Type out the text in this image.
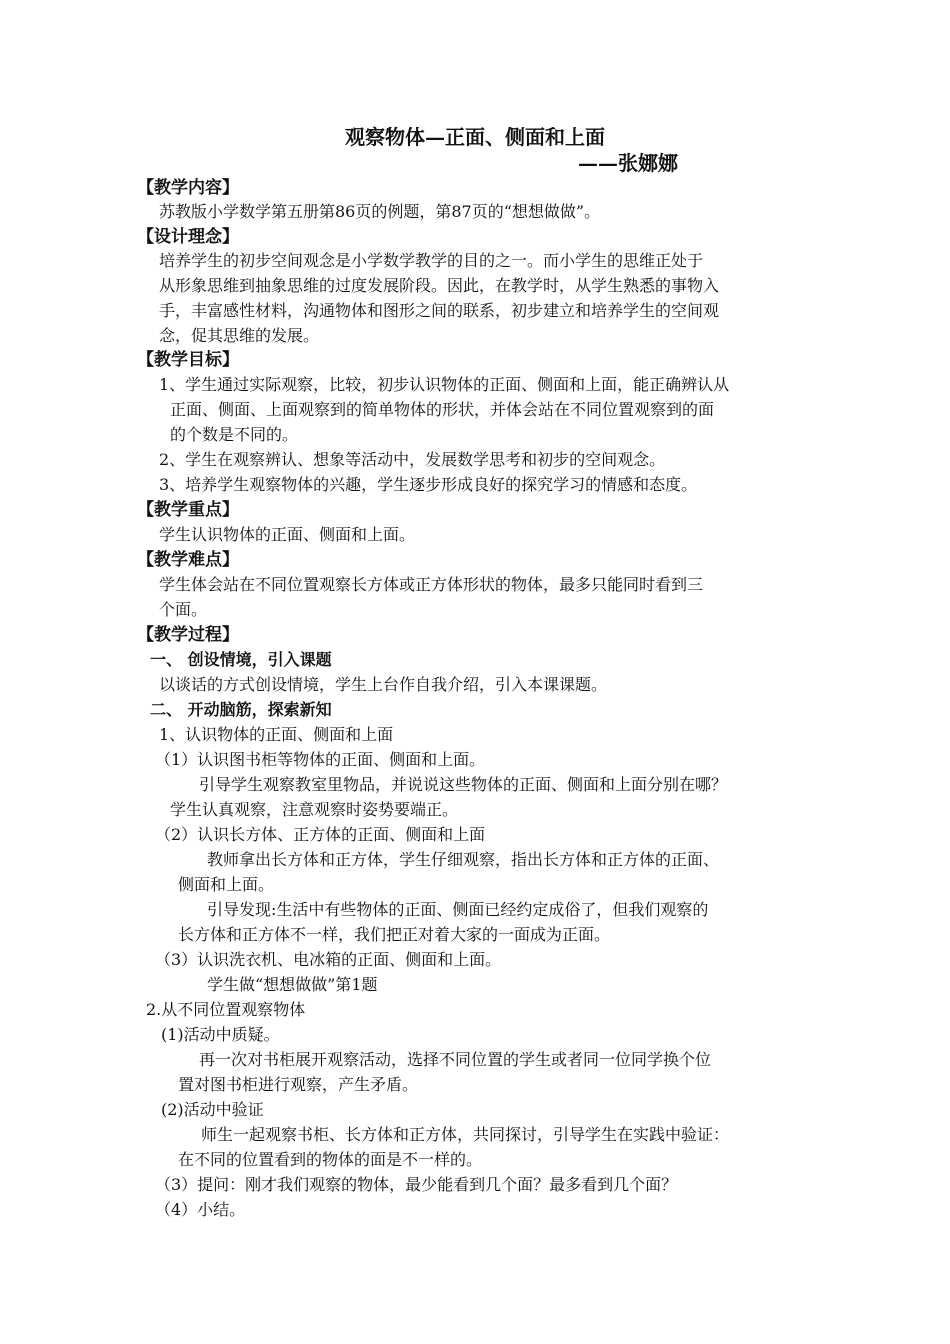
观察物体—正面、侧面和上面
——张娜娜
【教学内容】
苏教版小学数学第五册第86页的例题，第87页的“想想做做”。
【设计理念】
培养学生的初步空间观念是小学数学教学的目的之一。而小学生的思维正处于
从形象思维到抽象思维的过度发展阶段。因此，在教学时，从学生熟悉的事物入
手，丰富感性材料，沟通物体和图形之间的联系，初步建立和培养学生的空间观
念，促其思维的发展。
【教学目标】
1、学生通过实际观察，比较，初步认识物体的正面、侧面和上面，能正确辨认从
正面、侧面、上面观察到的简单物体的形状，并体会站在不同位置观察到的面
的个数是不同的。
2、学生在观察辨认、想象等活动中，发展数学思考和初步的空间观念。
3、培养学生观察物体的兴趣，学生逐步形成良好的探究学习的情感和态度。
【教学重点】
学生认识物体的正面、侧面和上面。
【教学难点】
学生体会站在不同位置观察长方体或正方体形状的物体，最多只能同时看到三
个面。
【教学过程】
一、 创设情境，引入课题
以谈话的方式创设情境，学生上台作自我介绍，引入本课课题。
二、 开动脑筋，探索新知
1、认识物体的正面、侧面和上面
（1）认识图书柜等物体的正面、侧面和上面。
引导学生观察教室里物品，并说说这些物体的正面、侧面和上面分别在哪？
学生认真观察，注意观察时姿势要端正。
（2）认识长方体、正方体的正面、侧面和上面
教师拿出长方体和正方体，学生仔细观察，指出长方体和正方体的正面、
侧面和上面。
引导发现:生活中有些物体的正面、侧面已经约定成俗了，但我们观察的
长方体和正方体不一样，我们把正对着大家的一面成为正面。
（3）认识洗衣机、电冰箱的正面、侧面和上面。
学生做“想想做做”第1题
2.从不同位置观察物体
(1)活动中质疑。
再一次对书柜展开观察活动，选择不同位置的学生或者同一位同学换个位
置对图书柜进行观察，产生矛盾。
(2)活动中验证
师生一起观察书柜、长方体和正方体，共同探讨，引导学生在实践中验证：
在不同的位置看到的物体的面是不一样的。
（3）提问：刚才我们观察的物体，最少能看到几个面？最多看到几个面？
（4）小结。
